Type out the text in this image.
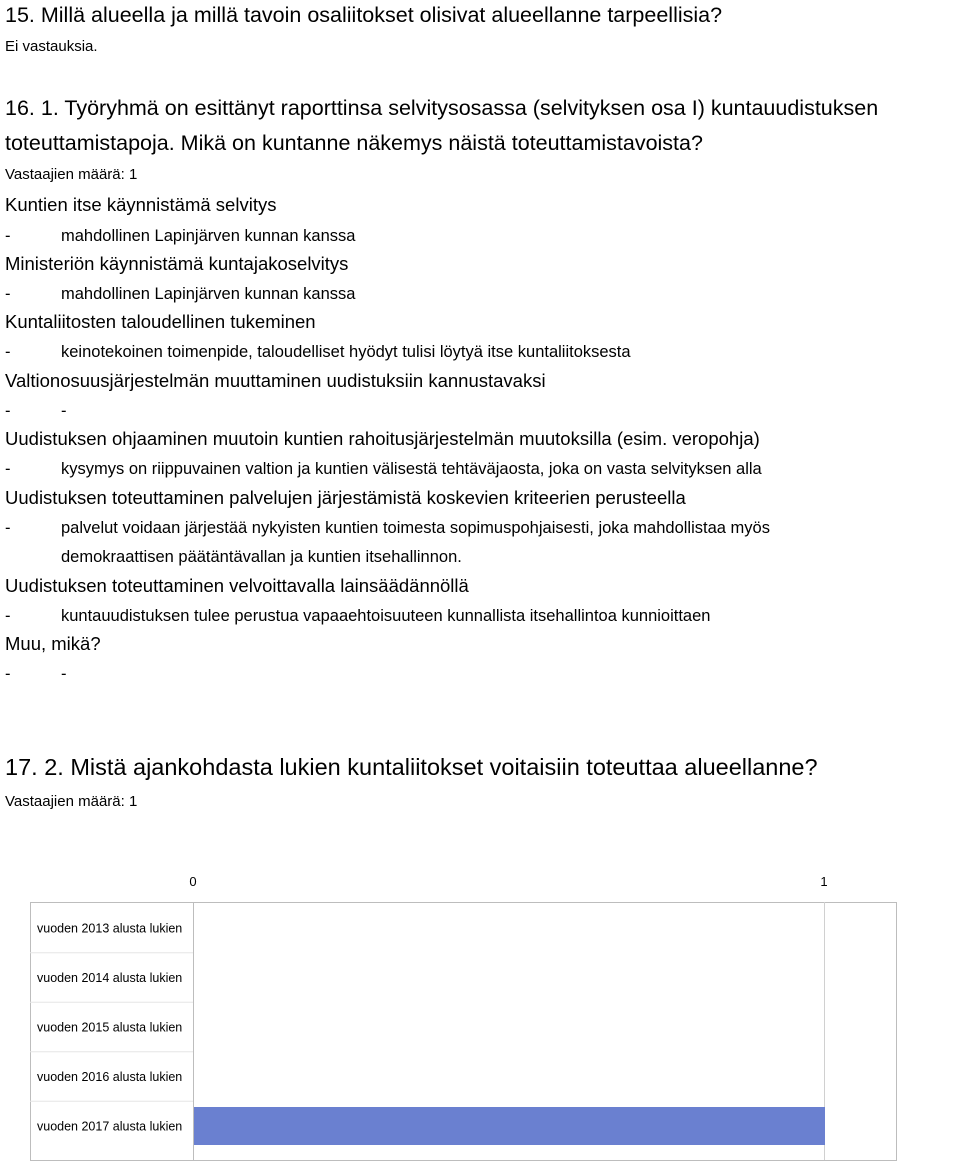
15. Millä alueella ja millä tavoin osaliitokset olisivat alueellanne tarpeellisia?
Ei vastauksia.
16. 1. Työryhmä on esittänyt raporttinsa selvitysosassa (selvityksen osa I) kuntauudistuksen
toteuttamistapoja. Mikä on kuntanne näkemys näistä toteuttamistavoista?
Vastaajien määrä: 1
Kuntien itse käynnistämä selvitys
-	mahdollinen Lapinjärven kunnan kanssa
Ministeriön käynnistämä kuntajakoselvitys
-	mahdollinen Lapinjärven kunnan kanssa
Kuntaliitosten taloudellinen tukeminen
-	keinotekoinen toimenpide, taloudelliset hyödyt tulisi löytyä itse kuntaliitoksesta
Valtionosuusjärjestelmän muuttaminen uudistuksiin kannustavaksi
-	-
Uudistuksen ohjaaminen muutoin kuntien rahoitusjärjestelmän muutoksilla (esim. veropohja)
-	kysymys on riippuvainen valtion ja kuntien välisestä tehtäväjaosta, joka on vasta selvityksen alla
Uudistuksen toteuttaminen palvelujen järjestämistä koskevien kriteerien perusteella
-	palvelut voidaan järjestää nykyisten kuntien toimesta sopimuspohjaisesti, joka mahdollistaa myös
demokraattisen päätäntävallan ja kuntien itsehallinnon.
Uudistuksen toteuttaminen velvoittavalla lainsäädännöllä
-	kuntauudistuksen tulee perustua vapaaehtoisuuteen kunnallista itsehallintoa kunnioittaen
Muu, mikä?
-	-
17. 2. Mistä ajankohdasta lukien kuntaliitokset voitaisiin toteuttaa alueellanne?
Vastaajien määrä: 1
0	1
vuoden 2013 alusta lukien
vuoden 2014 alusta lukien
vuoden 2015 alusta lukien
vuoden 2016 alusta lukien
vuoden 2017 alusta lukien
